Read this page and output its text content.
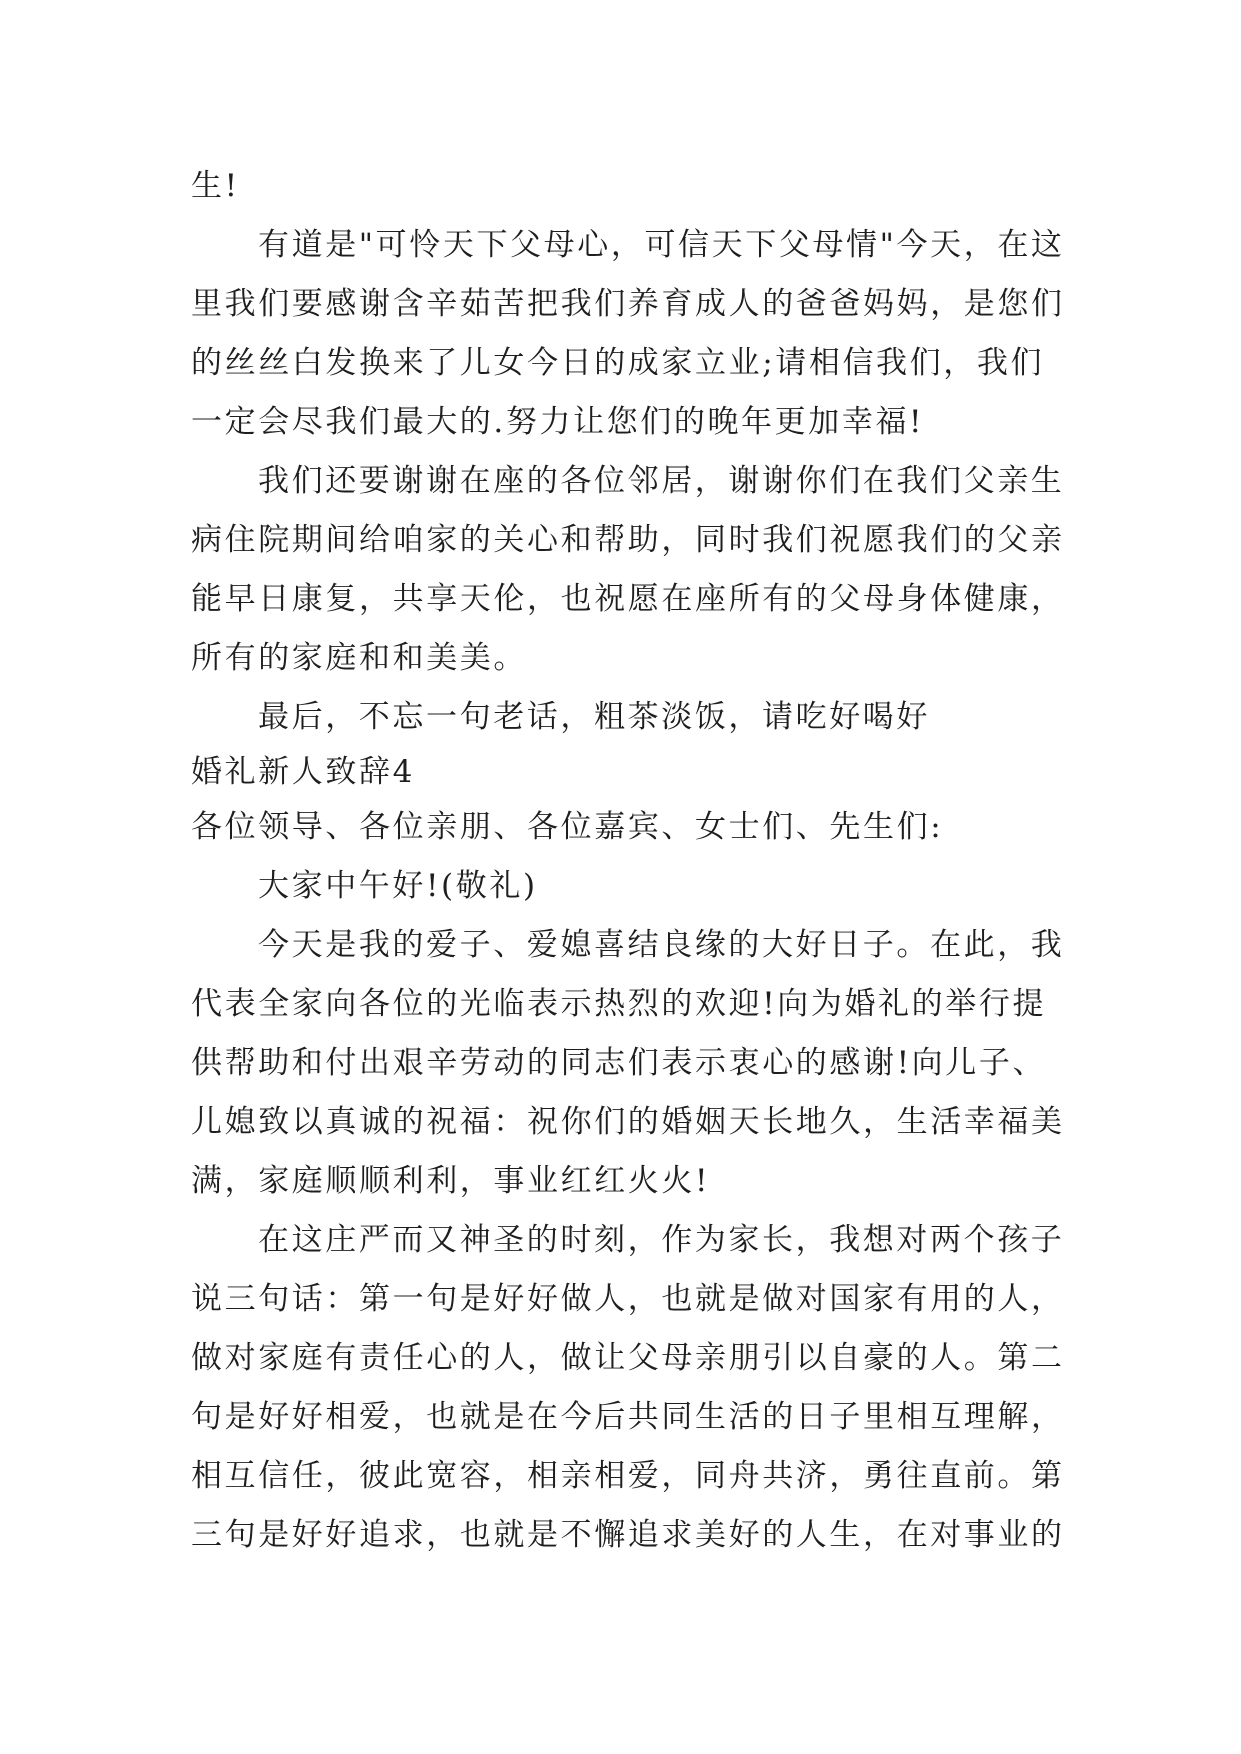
生!
有道是"可怜天下父母心，可信天下父母情"今天，在这
里我们要感谢含辛茹苦把我们养育成人的爸爸妈妈，是您们
的丝丝白发换来了儿女今日的成家立业;请相信我们，我们
一定会尽我们最大的.努力让您们的晚年更加幸福!
我们还要谢谢在座的各位邻居，谢谢你们在我们父亲生
病住院期间给咱家的关心和帮助，同时我们祝愿我们的父亲
能早日康复，共享天伦，也祝愿在座所有的父母身体健康，
所有的家庭和和美美。
最后，不忘一句老话，粗茶淡饭，请吃好喝好
婚礼新人致辞4
各位领导、各位亲朋、各位嘉宾、女士们、先生们:
大家中午好!(敬礼)
今天是我的爱子、爱媳喜结良缘的大好日子。在此，我
代表全家向各位的光临表示热烈的欢迎!向为婚礼的举行提
供帮助和付出艰辛劳动的同志们表示衷心的感谢!向儿子、
儿媳致以真诚的祝福：祝你们的婚姻天长地久，生活幸福美
满，家庭顺顺利利，事业红红火火!
在这庄严而又神圣的时刻，作为家长，我想对两个孩子
说三句话：第一句是好好做人，也就是做对国家有用的人，
做对家庭有责任心的人，做让父母亲朋引以自豪的人。第二
句是好好相爱，也就是在今后共同生活的日子里相互理解，
相互信任，彼此宽容，相亲相爱，同舟共济，勇往直前。第
三句是好好追求，也就是不懈追求美好的人生，在对事业的
